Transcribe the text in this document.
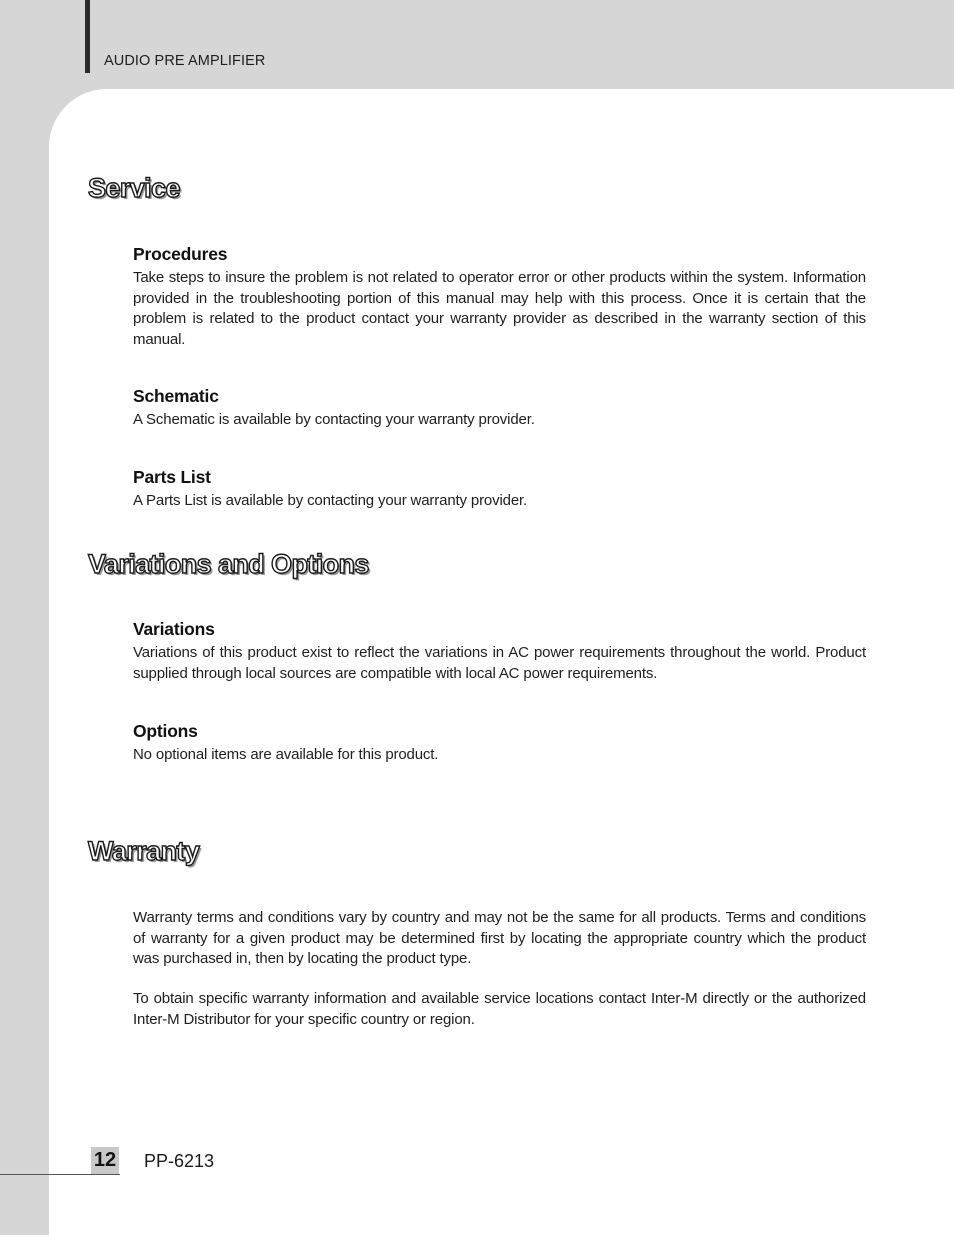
AUDIO PRE AMPLIFIER
Service
Procedures

Take steps to insure the problem is not related to operator error or other products within the system. Information provided in the troubleshooting portion of this manual may help with this process. Once it is certain that the problem is related to the product contact your warranty provider as described in the warranty section of this manual.

Schematic

A Schematic is available by contacting your warranty provider.

Parts List

A Parts List is available by contacting your warranty provider.

Variations and Options
Variations

Variations of this product exist to reflect the variations in AC power requirements throughout the world. Product supplied through local sources are compatible with local AC power requirements.

Options

No optional items are available for this product.

Warranty

Warranty terms and conditions vary by country and may not be the same for all products. Terms and conditions of warranty for a given product may be determined first by locating the appropriate country which the product was purchased in, then by locating the product type.

To obtain specific warranty information and available service locations contact Inter-M directly or the authorized Inter-M Distributor for your specific country or region.

12 PP-6213
